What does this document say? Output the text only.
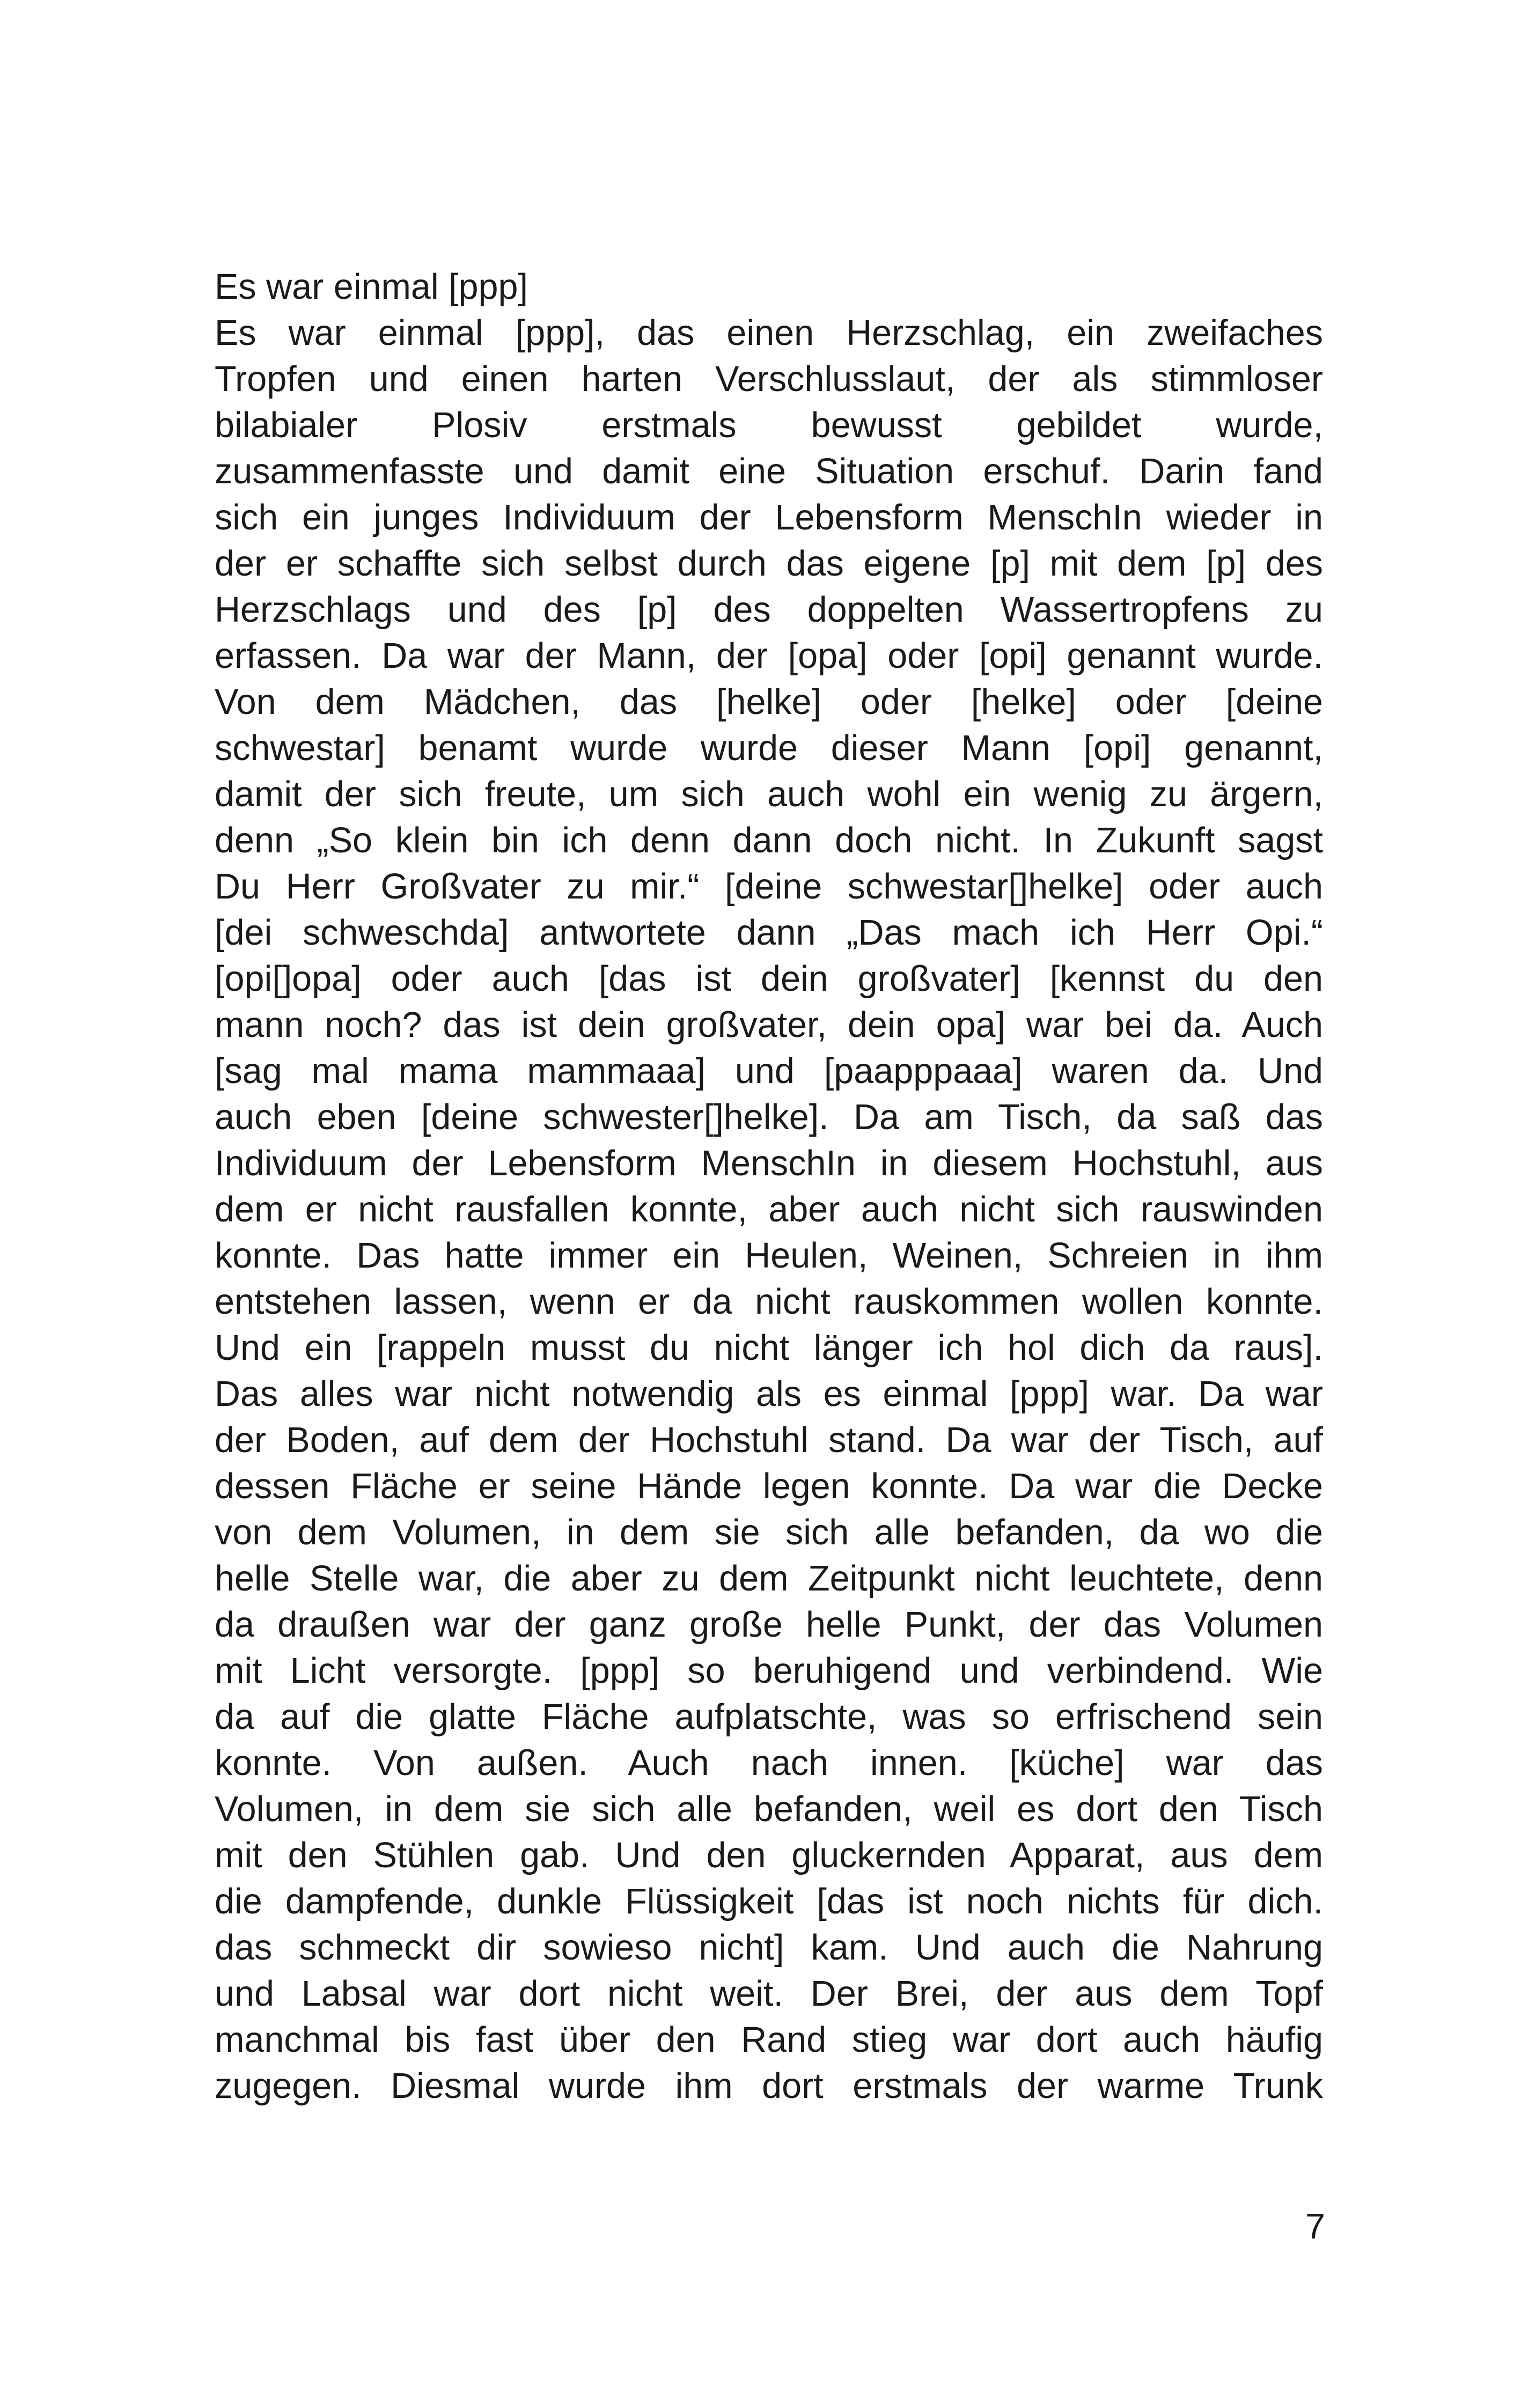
Es war einmal [ppp]
Es war einmal [ppp], das einen Herzschlag, ein zweifaches
Tropfen und einen harten Verschlusslaut, der als stimmloser
bilabialer Plosiv erstmals bewusst gebildet wurde,
zusammenfasste und damit eine Situation erschuf. Darin fand
sich ein junges Individuum der Lebensform MenschIn wieder in
der er schaffte sich selbst durch das eigene [p] mit dem [p] des
Herzschlags und des [p] des doppelten Wassertropfens zu
erfassen. Da war der Mann, der [opa] oder [opi] genannt wurde.
Von dem Mädchen, das [helke] oder [helke] oder [deine
schwestar] benamt wurde wurde dieser Mann [opi] genannt,
damit der sich freute, um sich auch wohl ein wenig zu ärgern,
denn „So klein bin ich denn dann doch nicht. In Zukunft sagst
Du Herr Großvater zu mir.“ [deine schwestar[]helke] oder auch
[dei schweschda] antwortete dann „Das mach ich Herr Opi.“
[opi[]opa] oder auch [das ist dein großvater] [kennst du den
mann noch? das ist dein großvater, dein opa] war bei da. Auch
[sag mal mama mammaaa] und [paapppaaa] waren da. Und
auch eben [deine schwester[]helke]. Da am Tisch, da saß das
Individuum der Lebensform MenschIn in diesem Hochstuhl, aus
dem er nicht rausfallen konnte, aber auch nicht sich rauswinden
konnte. Das hatte immer ein Heulen, Weinen, Schreien in ihm
entstehen lassen, wenn er da nicht rauskommen wollen konnte.
Und ein [rappeln musst du nicht länger ich hol dich da raus].
Das alles war nicht notwendig als es einmal [ppp] war. Da war
der Boden, auf dem der Hochstuhl stand. Da war der Tisch, auf
dessen Fläche er seine Hände legen konnte. Da war die Decke
von dem Volumen, in dem sie sich alle befanden, da wo die
helle Stelle war, die aber zu dem Zeitpunkt nicht leuchtete, denn
da draußen war der ganz große helle Punkt, der das Volumen
mit Licht versorgte. [ppp] so beruhigend und verbindend. Wie
da auf die glatte Fläche aufplatschte, was so erfrischend sein
konnte. Von außen. Auch nach innen. [küche] war das
Volumen, in dem sie sich alle befanden, weil es dort den Tisch
mit den Stühlen gab. Und den gluckernden Apparat, aus dem
die dampfende, dunkle Flüssigkeit [das ist noch nichts für dich.
das schmeckt dir sowieso nicht] kam. Und auch die Nahrung
und Labsal war dort nicht weit. Der Brei, der aus dem Topf
manchmal bis fast über den Rand stieg war dort auch häufig
zugegen. Diesmal wurde ihm dort erstmals der warme Trunk
7
